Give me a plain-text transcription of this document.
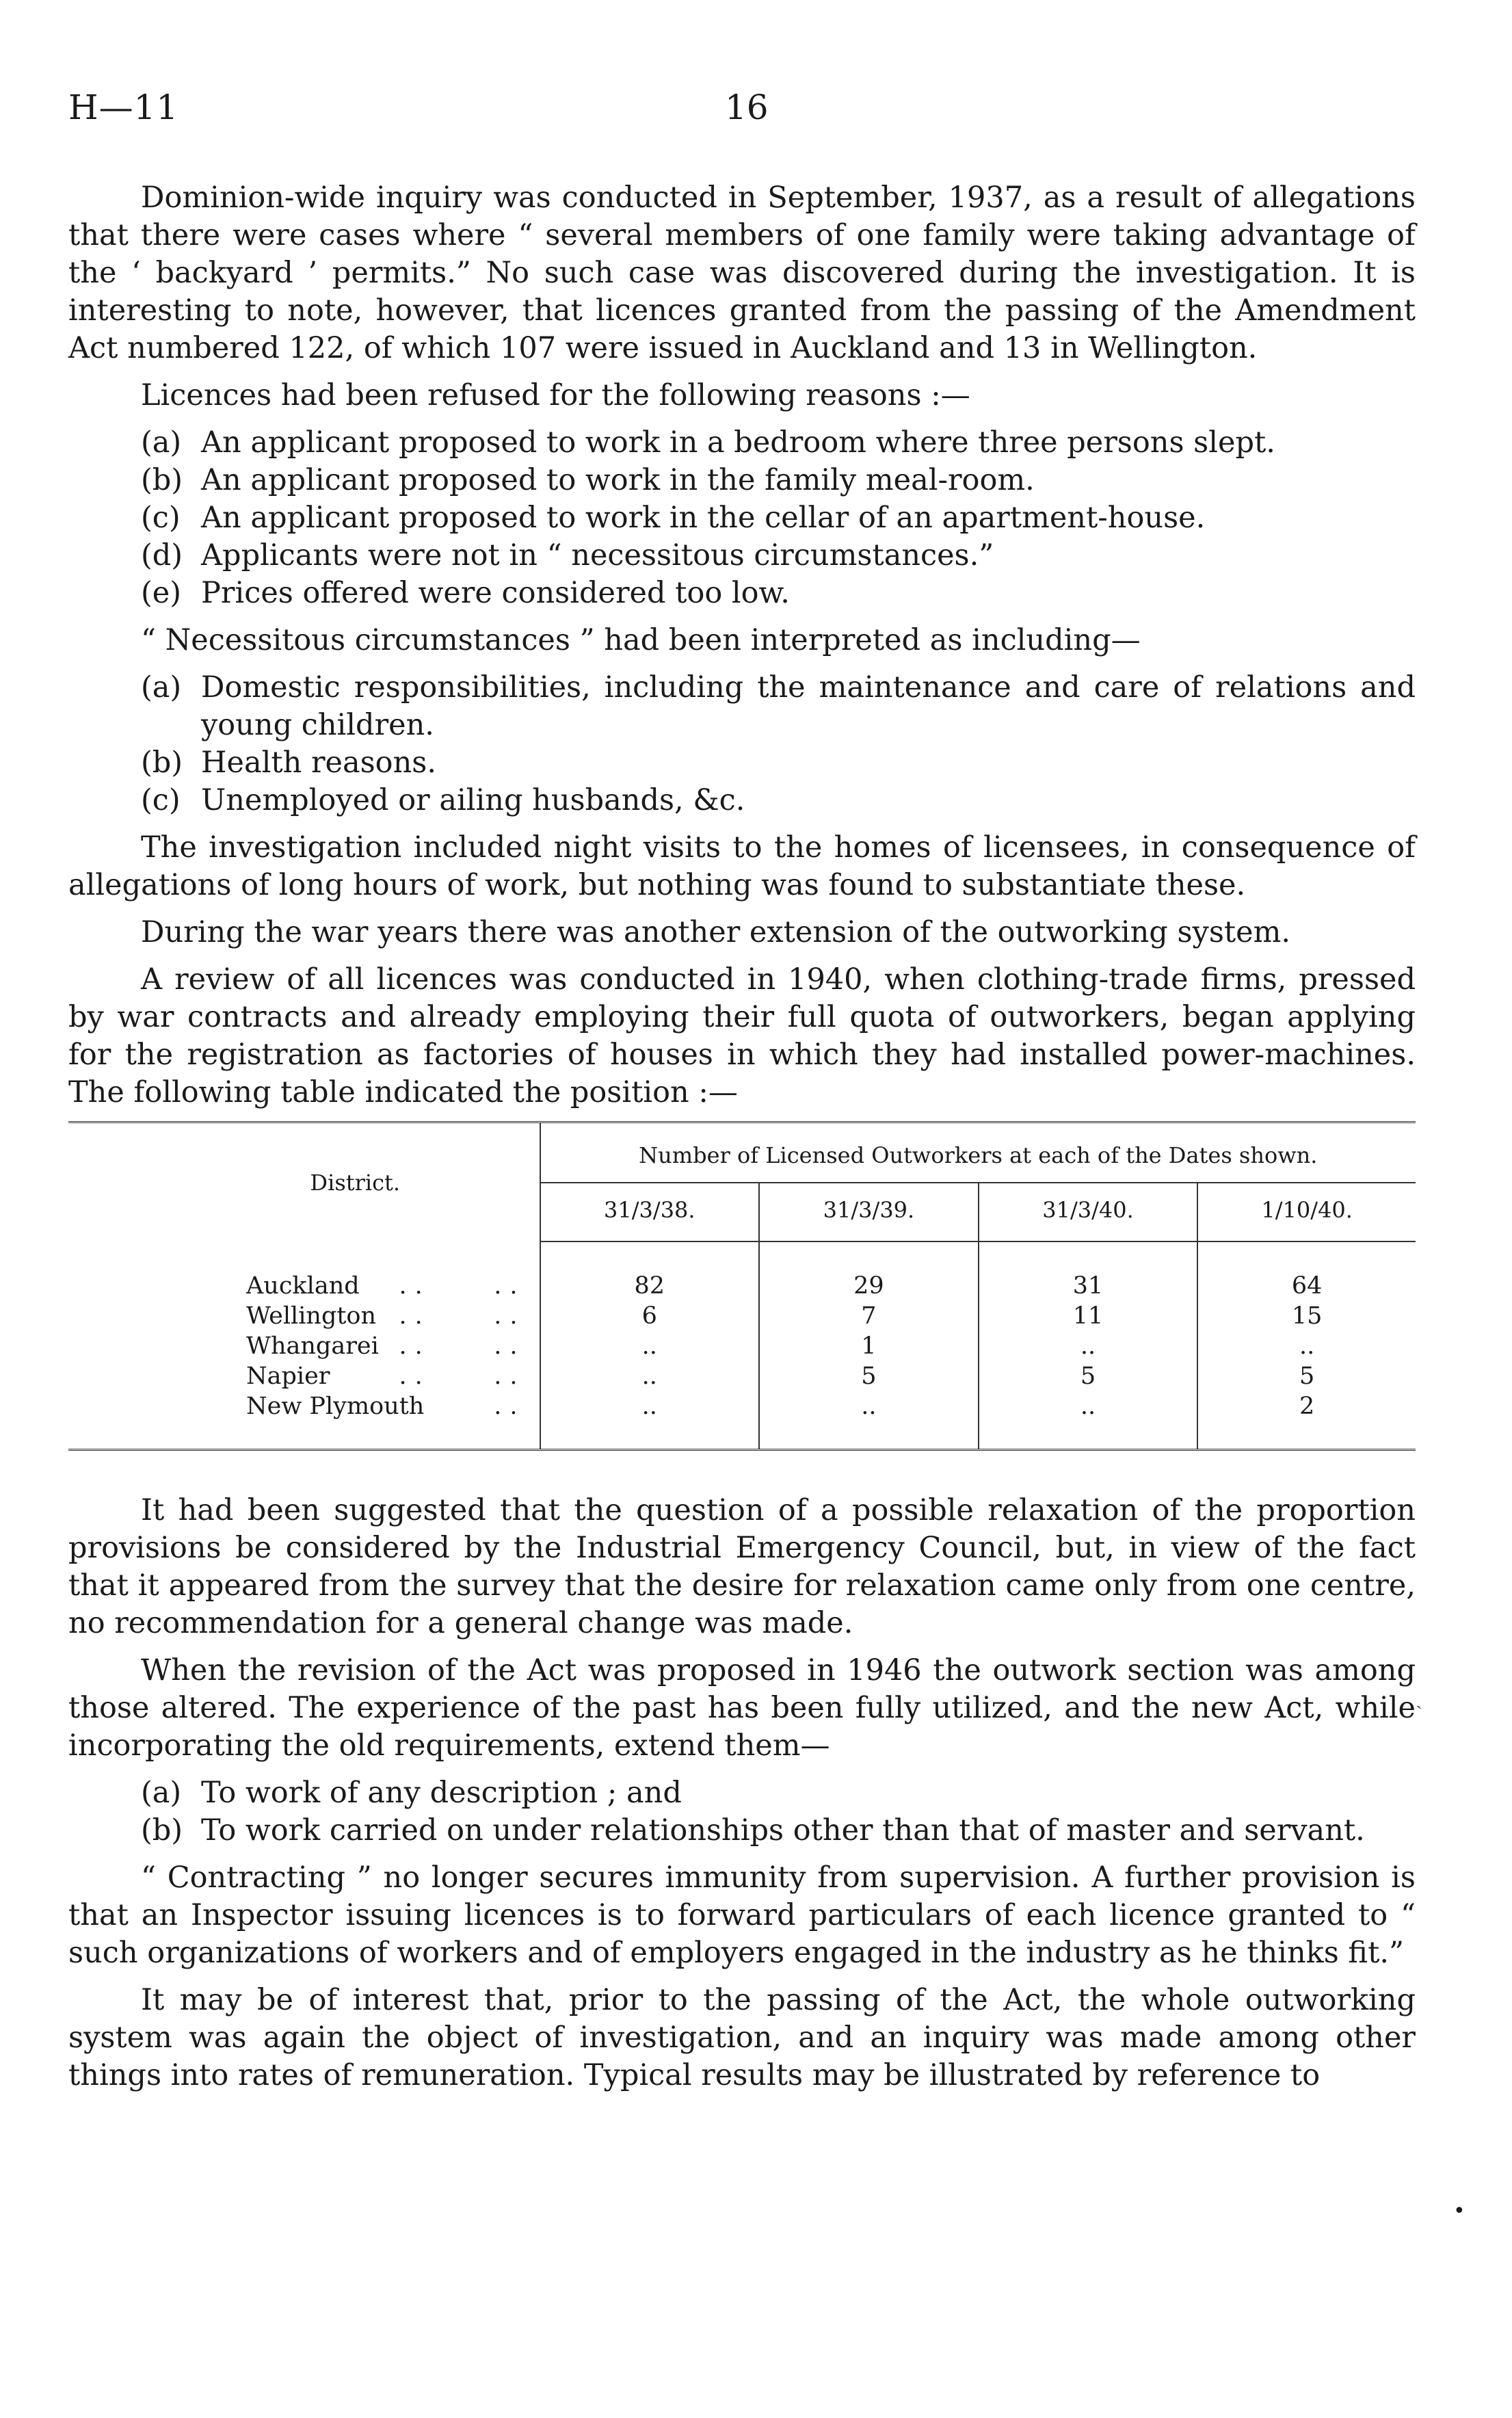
H—11	16

Dominion-wide inquiry was conducted in September, 1937, as a result of allegations that there were cases where “ several members of one family were taking advantage of the ‘ backyard ’ permits.” No such case was discovered during the investigation. It is interesting to note, however, that licences granted from the passing of the Amendment Act numbered 122, of which 107 were issued in Auckland and 13 in Wellington.

Licences had been refused for the following reasons :—

(a) An applicant proposed to work in a bedroom where three persons slept.
(b) An applicant proposed to work in the family meal-room.
(c) An applicant proposed to work in the cellar of an apartment-house.
(d) Applicants were not in “ necessitous circumstances.”
(e) Prices offered were considered too low.

“ Necessitous circumstances ” had been interpreted as including—

(a) Domestic responsibilities, including the maintenance and care of relations and young children.
(b) Health reasons.
(c) Unemployed or ailing husbands, &c.

The investigation included night visits to the homes of licensees, in consequence of allegations of long hours of work, but nothing was found to substantiate these.

During the war years there was another extension of the outworking system.

A review of all licences was conducted in 1940, when clothing-trade firms, pressed by war contracts and already employing their full quota of outworkers, began applying for the registration as factories of houses in which they had installed power-machines. The following table indicated the position :—

District.	Number of Licensed Outworkers at each of the Dates shown.			
	31/3/38.	31/3/39.	31/3/40.	1/10/40.
Auckland .. ..	82	29	31	64
Wellington .. ..	6	7	11	15
Whangarei .. ..	..	1	..	..
Napier .. ..	..	5	5	5
New Plymouth ..	..	..	..	2

It had been suggested that the question of a possible relaxation of the proportion provisions be considered by the Industrial Emergency Council, but, in view of the fact that it appeared from the survey that the desire for relaxation came only from one centre, no recommendation for a general change was made.

When the revision of the Act was proposed in 1946 the outwork section was among those altered. The experience of the past has been fully utilized, and the new Act, while incorporating the old requirements, extend them—

(a) To work of any description ; and
(b) To work carried on under relationships other than that of master and servant.

“ Contracting ” no longer secures immunity from supervision. A further provision is that an Inspector issuing licences is to forward particulars of each licence granted to “ such organizations of workers and of employers engaged in the industry as he thinks fit.”

It may be of interest that, prior to the passing of the Act, the whole outworking system was again the object of investigation, and an inquiry was made among other things into rates of remuneration. Typical results may be illustrated by reference to

ˏ
•
